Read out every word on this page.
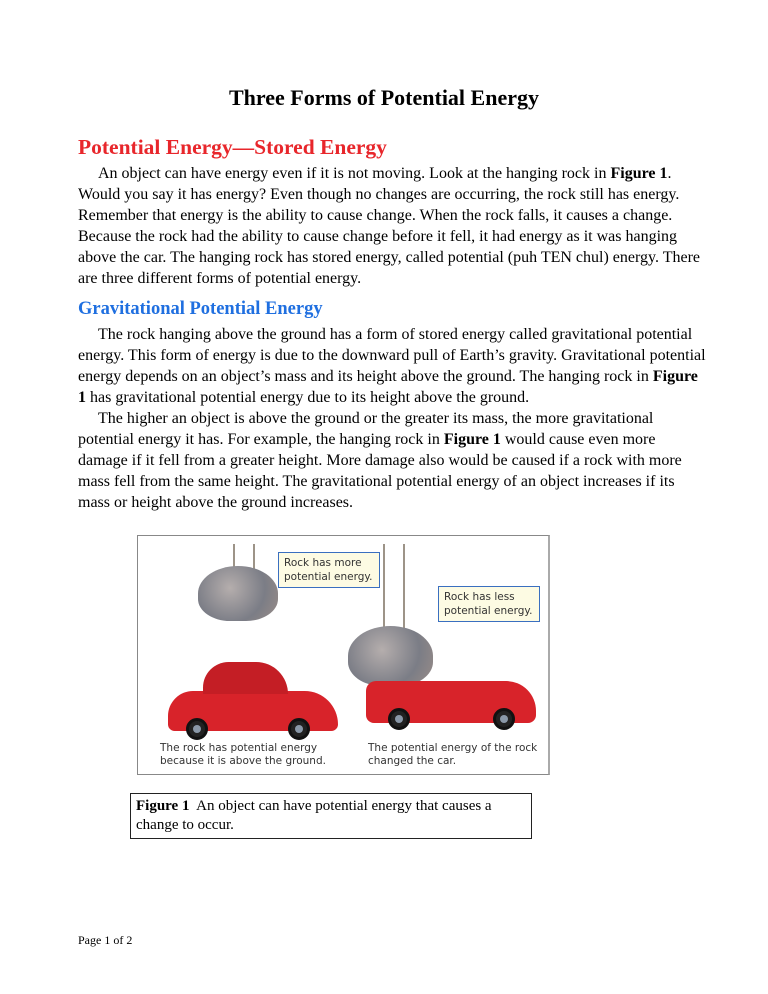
Three Forms of Potential Energy
Potential Energy—Stored Energy

An object can have energy even if it is not moving. Look at the hanging rock in Figure 1. Would you say it has energy? Even though no changes are occurring, the rock still has energy. Remember that energy is the ability to cause change. When the rock falls, it causes a change. Because the rock had the ability to cause change before it fell, it had energy as it was hanging above the car. The hanging rock has stored energy, called potential (puh TEN chul) energy. There are three different forms of potential energy.

Gravitational Potential Energy

The rock hanging above the ground has a form of stored energy called gravitational potential energy. This form of energy is due to the downward pull of Earth’s gravity. Gravitational potential energy depends on an object’s mass and its height above the ground. The hanging rock in Figure 1 has gravitational potential energy due to its height above the ground.

The higher an object is above the ground or the greater its mass, the more gravitational potential energy it has. For example, the hanging rock in Figure 1 would cause even more damage if it fell from a greater height. More damage also would be caused if a rock with more mass fell from the same height. The gravitational potential energy of an object increases if its mass or height above the ground increases.

Rock has more potential energy.
The rock has potential energy because it is above the ground.
Rock has less potential energy.
The potential energy of the rock changed the car.
Figure 1 An object can have potential energy that causes a change to occur.
Page 1 of 2
